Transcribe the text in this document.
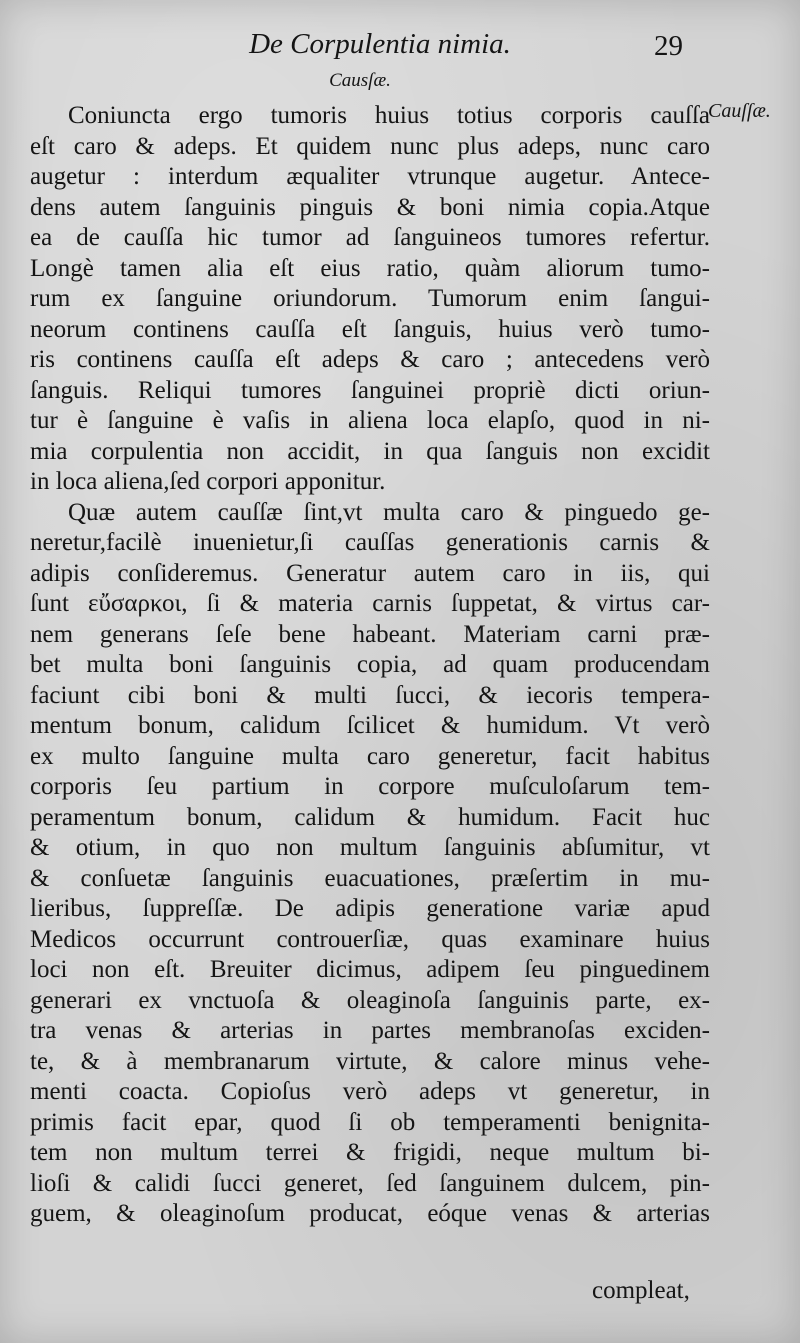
De Corpulentia nimia.	29
Causſæ.
Cauſſæ.
Coniuncta ergo tumoris huius totius corporis cauſſa
eſt caro & adeps. Et quidem nunc plus adeps, nunc caro
augetur : interdum æqualiter vtrunque augetur. Antece-
dens autem ſanguinis pinguis & boni nimia copia.Atque
ea de cauſſa hic tumor ad ſanguineos tumores refertur.
Longè tamen alia eſt eius ratio, quàm aliorum tumo-
rum ex ſanguine oriundorum. Tumorum enim ſangui-
neorum continens cauſſa eſt ſanguis, huius verò tumo-
ris continens cauſſa eſt adeps & caro ; antecedens verò
ſanguis. Reliqui tumores ſanguinei propriè dicti oriun-
tur è ſanguine è vaſis in aliena loca elapſo, quod in ni-
mia corpulentia non accidit, in qua ſanguis non excidit
in loca aliena,ſed corpori apponitur.
Quæ autem cauſſæ ſint,vt multa caro & pinguedo ge-
neretur,facilè inuenietur,ſi cauſſas generationis carnis &
adipis conſideremus. Generatur autem caro in iis, qui
ſunt εὔσαρκοι, ſi & materia carnis ſuppetat, & virtus car-
nem generans ſeſe bene habeant. Materiam carni præ-
bet multa boni ſanguinis copia, ad quam producendam
faciunt cibi boni & multi ſucci, & iecoris tempera-
mentum bonum, calidum ſcilicet & humidum. Vt verò
ex multo ſanguine multa caro generetur, facit habitus
corporis ſeu partium in corpore muſculoſarum tem-
peramentum bonum, calidum & humidum. Facit huc
& otium, in quo non multum ſanguinis abſumitur, vt
& conſuetæ ſanguinis euacuationes, præſertim in mu-
lieribus, ſuppreſſæ. De adipis generatione variæ apud
Medicos occurrunt controuerſiæ, quas examinare huius
loci non eſt. Breuiter dicimus, adipem ſeu pinguedinem
generari ex vnctuoſa & oleaginoſa ſanguinis parte, ex-
tra venas & arterias in partes membranoſas exciden-
te, & à membranarum virtute, & calore minus vehe-
menti coacta. Copioſus verò adeps vt generetur, in
primis facit epar, quod ſi ob temperamenti benignita-
tem non multum terrei & frigidi, neque multum bi-
lioſi & calidi ſucci generet, ſed ſanguinem dulcem, pin-
guem, & oleaginoſum producat, eóque venas & arterias
compleat,
